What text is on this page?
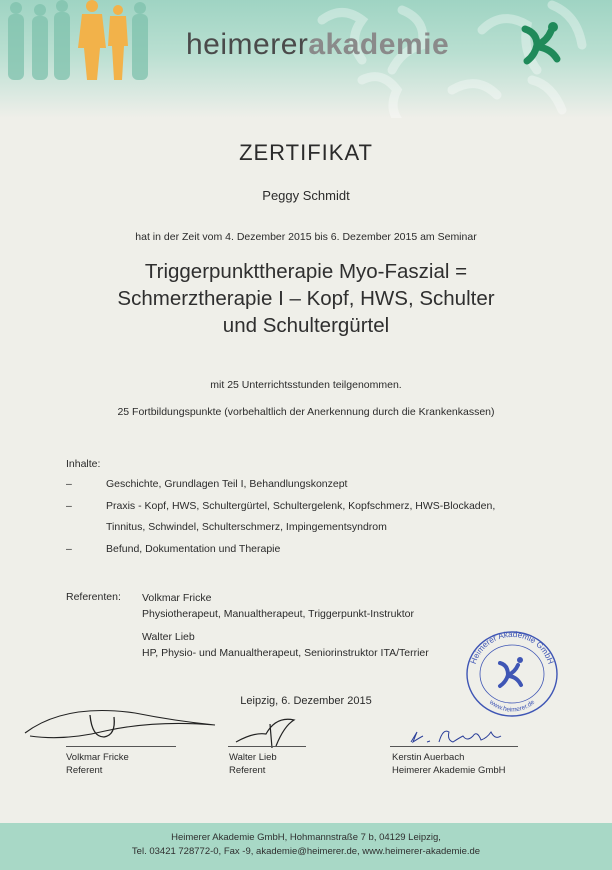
heimererakademie
ZERTIFIKAT
Peggy Schmidt
hat in der Zeit vom 4. Dezember 2015 bis 6. Dezember 2015 am Seminar
Triggerpunkttherapie Myo-Faszial =
Schmerztherapie I – Kopf, HWS, Schulter
und Schultergürtel
mit 25 Unterrichtsstunden teilgenommen.
25 Fortbildungspunkte (vorbehaltlich der Anerkennung durch die Krankenkassen)
Inhalte:
–	Geschichte, Grundlagen Teil I, Behandlungskonzept
–	Praxis - Kopf, HWS, Schultergürtel, Schultergelenk, Kopfschmerz, HWS-Blockaden,
Tinnitus, Schwindel, Schulterschmerz, Impingementsyndrom
–	Befund, Dokumentation und Therapie
Referenten: Volkmar Fricke
Physiotherapeut, Manualtherapeut, Triggerpunkt-Instruktor
Walter Lieb
HP, Physio- und Manualtherapeut, Seniorinstruktor ITA/Terrier
Heimerer Akademie GmbH
www.heimerer.de
Leipzig, 6. Dezember 2015
Volkmar Fricke
Referent
Walter Lieb
Referent
Kerstin Auerbach
Heimerer Akademie GmbH
Heimerer Akademie GmbH, Hohmannstraße 7 b, 04129 Leipzig,
Tel. 03421 728772-0, Fax -9, akademie@heimerer.de, www.heimerer-akademie.de
